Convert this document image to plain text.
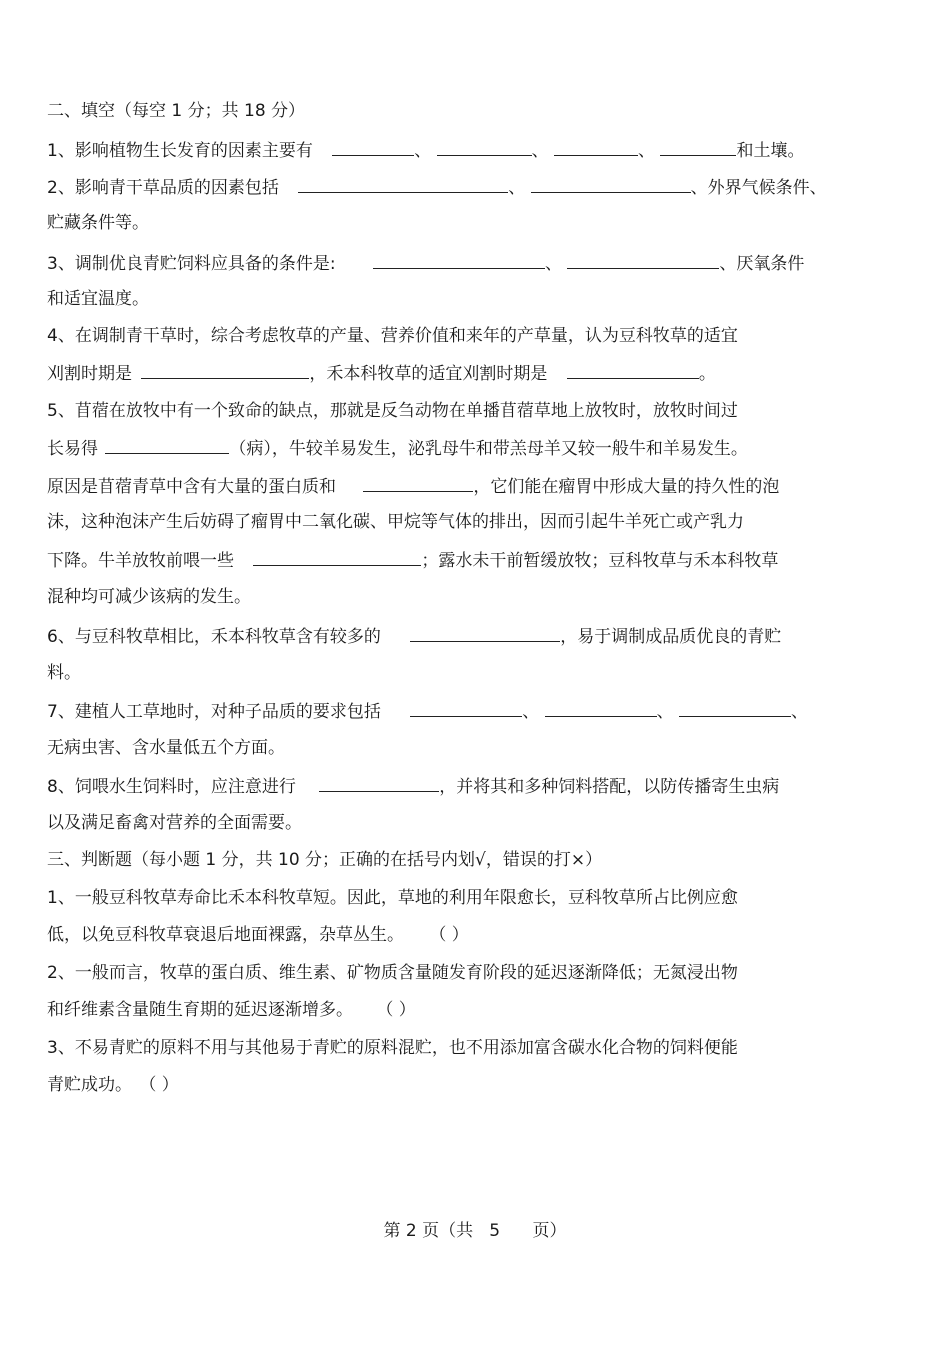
二、填空（每空 1 分；共 18 分）
1、影响植物生长发育的因素主要有	、	、	、	和土壤。
2、影响青干草品质的因素包括	、	、外界气候条件、
贮藏条件等。
3、调制优良青贮饲料应具备的条件是:	、	、厌氧条件
和适宜温度。
4、在调制青干草时，综合考虑牧草的产量、营养价值和来年的产草量，认为豆科牧草的适宜
刈割时期是	，禾本科牧草的适宜刈割时期是	。
5、苜蓿在放牧中有一个致命的缺点，那就是反刍动物在单播苜蓿草地上放牧时，放牧时间过
长易得	（病），牛较羊易发生，泌乳母牛和带羔母羊又较一般牛和羊易发生。
原因是苜蓿青草中含有大量的蛋白质和	，它们能在瘤胃中形成大量的持久性的泡
沫，这种泡沫产生后妨碍了瘤胃中二氧化碳、甲烷等气体的排出，因而引起牛羊死亡或产乳力
下降。牛羊放牧前喂一些	；露水未干前暂缓放牧；豆科牧草与禾本科牧草
混种均可减少该病的发生。
6、与豆科牧草相比，禾本科牧草含有较多的	，易于调制成品质优良的青贮
料。
7、建植人工草地时，对种子品质的要求包括	、	、	、
无病虫害、含水量低五个方面。
8、饲喂水生饲料时，应注意进行	，并将其和多种饲料搭配，以防传播寄生虫病
以及满足畜禽对营养的全面需要。
三、判断题（每小题 1 分，共 10 分；正确的在括号内划√，错误的打×）
1、一般豆科牧草寿命比禾本科牧草短。因此，草地的利用年限愈长，豆科牧草所占比例应愈
低，以免豆科牧草衰退后地面裸露，杂草丛生。 （ ）
2、一般而言，牧草的蛋白质、维生素、矿物质含量随发育阶段的延迟逐渐降低；无氮浸出物
和纤维素含量随生育期的延迟逐渐增多。 （ ）
3、不易青贮的原料不用与其他易于青贮的原料混贮，也不用添加富含碳水化合物的饲料便能
青贮成功。 （ ）
第 2 页（共   5      页）
